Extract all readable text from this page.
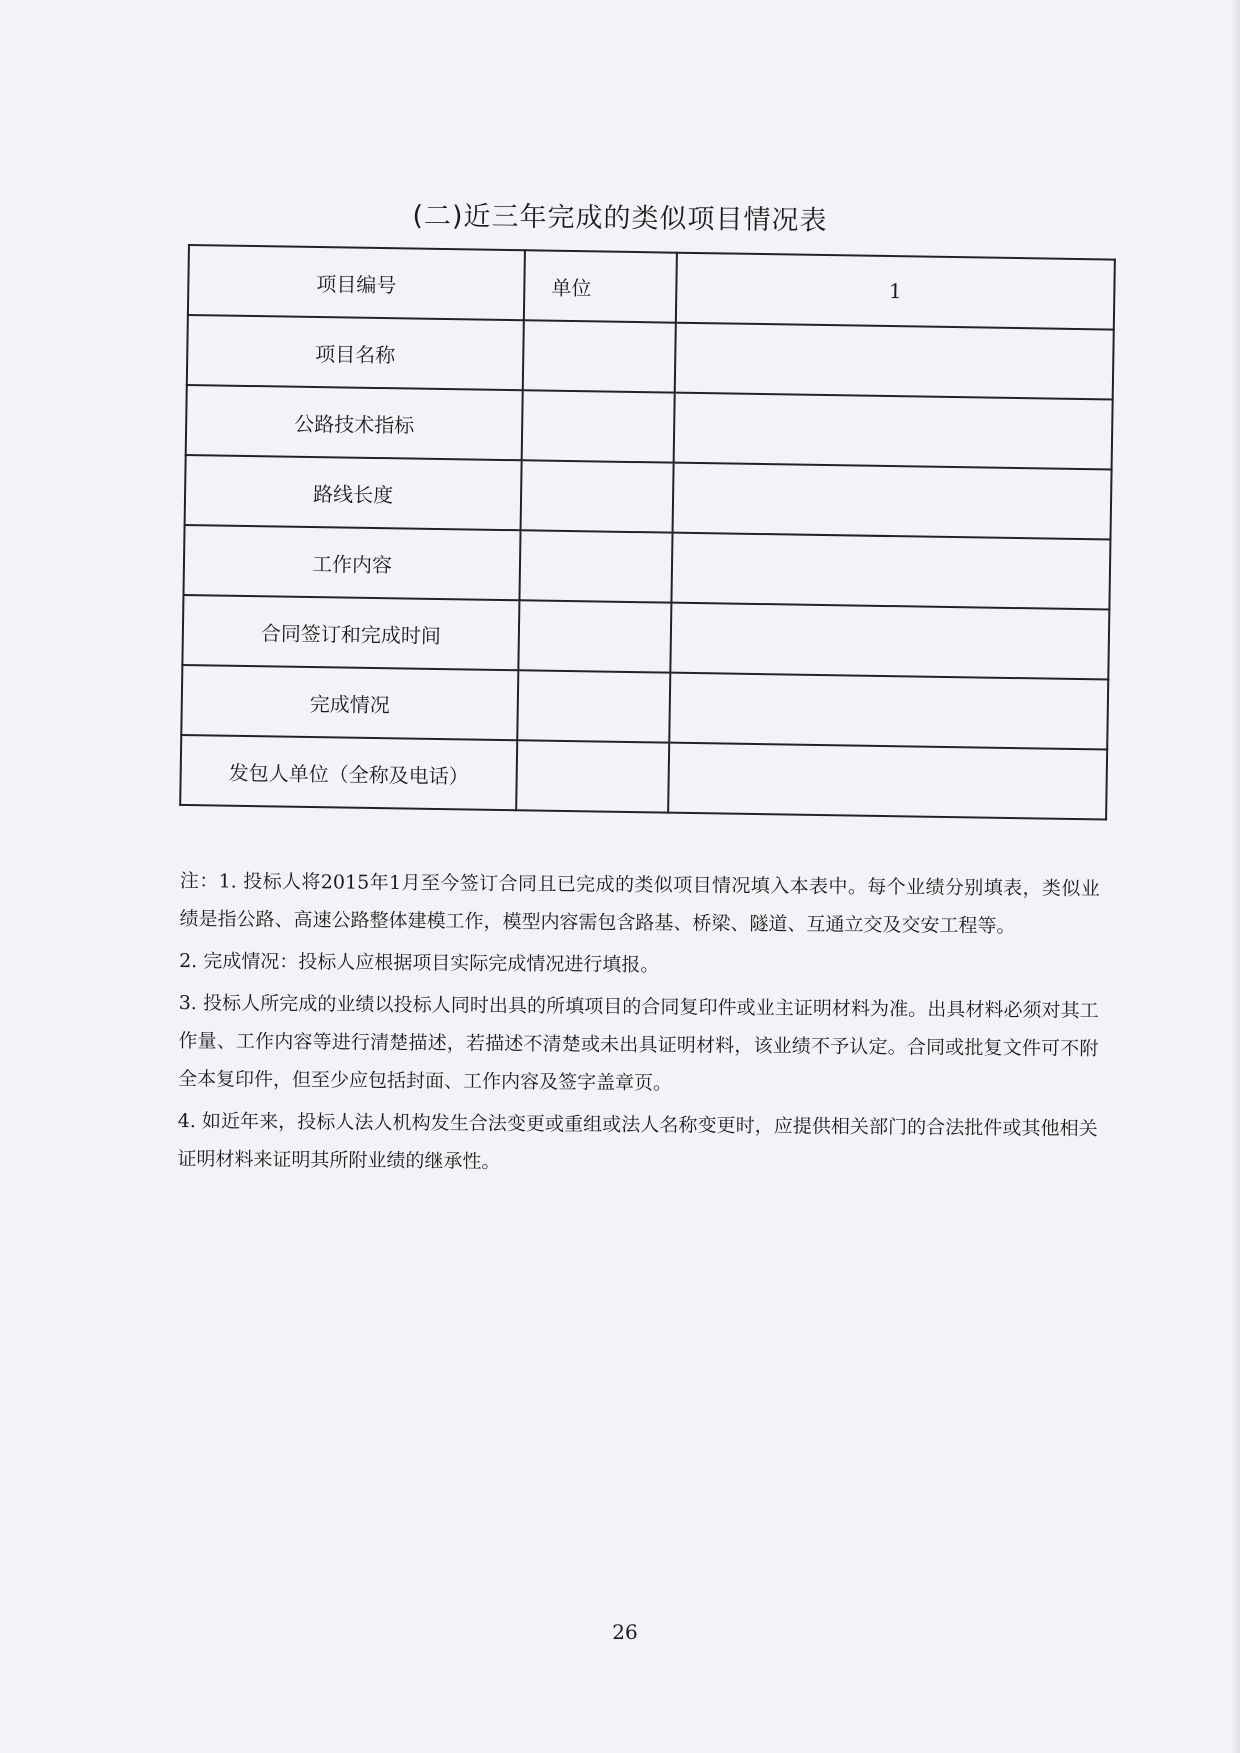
(二)近三年完成的类似项目情况表
项目编号	单位	1
项目名称		
公路技术指标		
路线长度		
工作内容		
合同签订和完成时间		
完成情况		
发包人单位（全称及电话）		

注：1. 投标人将2015年1月至今签订合同且已完成的类似项目情况填入本表中。每个业绩分别填表，类似业绩是指公路、高速公路整体建模工作，模型内容需包含路基、桥梁、隧道、互通立交及交安工程等。

2. 完成情况：投标人应根据项目实际完成情况进行填报。

3. 投标人所完成的业绩以投标人同时出具的所填项目的合同复印件或业主证明材料为准。出具材料必须对其工作量、工作内容等进行清楚描述，若描述不清楚或未出具证明材料，该业绩不予认定。合同或批复文件可不附全本复印件，但至少应包括封面、工作内容及签字盖章页。

4. 如近年来，投标人法人机构发生合法变更或重组或法人名称变更时，应提供相关部门的合法批件或其他相关证明材料来证明其所附业绩的继承性。

26
